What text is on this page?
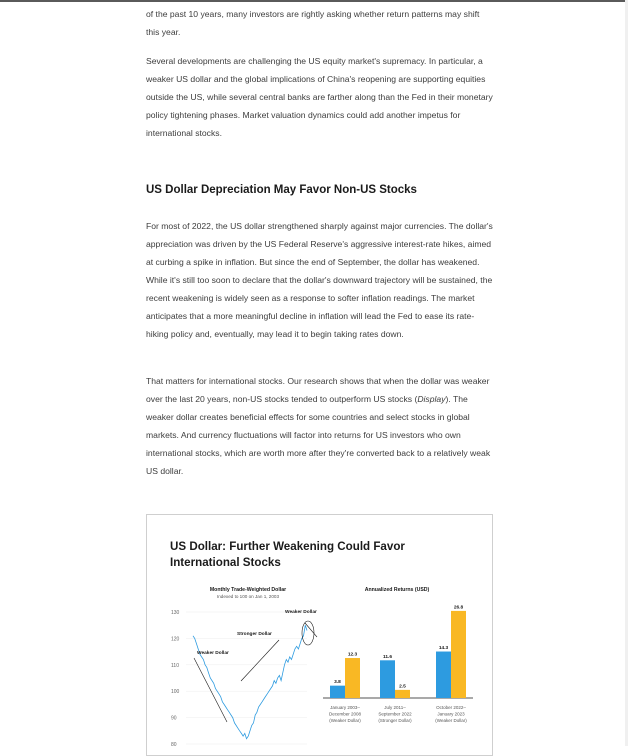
of the past 10 years, many investors are rightly asking whether return patterns may shift this year.

Several developments are challenging the US equity market's supremacy. In particular, a weaker US dollar and the global implications of China's reopening are supporting equities outside the US, while several central banks are farther along than the Fed in their monetary policy tightening phases. Market valuation dynamics could add another impetus for international stocks.

US Dollar Depreciation May Favor Non-US Stocks

For most of 2022, the US dollar strengthened sharply against major currencies. The dollar's appreciation was driven by the US Federal Reserve's aggressive interest-rate hikes, aimed at curbing a spike in inflation. But since the end of September, the dollar has weakened. While it's still too soon to declare that the dollar's downward trajectory will be sustained, the recent weakening is widely seen as a response to softer inflation readings. The market anticipates that a more meaningful decline in inflation will lead the Fed to ease its rate-hiking policy and, eventually, may lead it to begin taking rates down.

That matters for international stocks. Our research shows that when the dollar was weaker over the last 20 years, non-US stocks tended to outperform US stocks (Display). The weaker dollar creates beneficial effects for some countries and select stocks in global markets. And currency fluctuations will factor into returns for US investors who own international stocks, which are worth more after they're converted back to a relatively weak US dollar.

US Dollar: Further Weakening Could Favor International Stocks
Monthly Trade-Weighted Dollar
Indexed to 100 on Jan 1, 2003
130
120
110
100
90
80
Weaker Dollar
Stronger Dollar
Weaker Dollar
Annualized Returns (USD)
3.8
11.6
14.3
12.3
2.5
26.8
January 2003–
December 2008
(Weaker Dollar)
July 2011–
September 2022
(Stronger Dollar)
October 2022–
January 2023
(Weaker Dollar)
